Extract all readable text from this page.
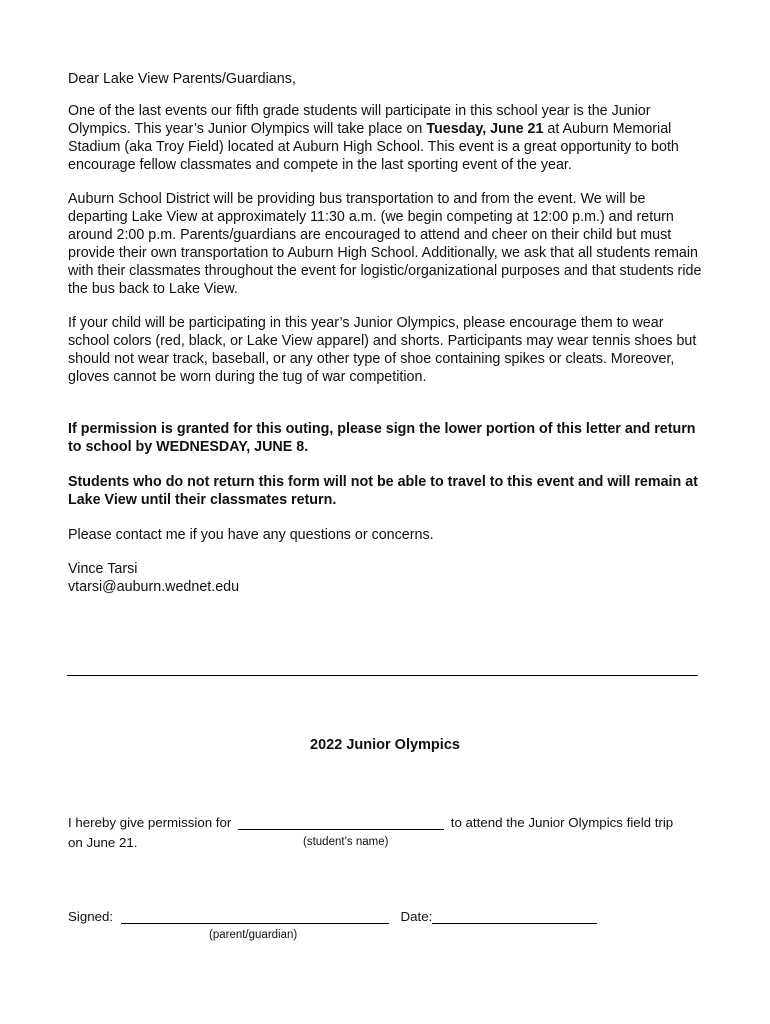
Dear Lake View Parents/Guardians,

One of the last events our fifth grade students will participate in this school year is the Junior Olympics. This year’s Junior Olympics will take place on Tuesday, June 21 at Auburn Memorial Stadium (aka Troy Field) located at Auburn High School. This event is a great opportunity to both encourage fellow classmates and compete in the last sporting event of the year.

Auburn School District will be providing bus transportation to and from the event. We will be departing Lake View at approximately 11:30 a.m. (we begin competing at 12:00 p.m.) and return around 2:00 p.m. Parents/guardians are encouraged to attend and cheer on their child but must provide their own transportation to Auburn High School. Additionally, we ask that all students remain with their classmates throughout the event for logistic/organizational purposes and that students ride the bus back to Lake View.

If your child will be participating in this year’s Junior Olympics, please encourage them to wear school colors (red, black, or Lake View apparel) and shorts. Participants may wear tennis shoes but should not wear track, baseball, or any other type of shoe containing spikes or cleats. Moreover, gloves cannot be worn during the tug of war competition.

If permission is granted for this outing, please sign the lower portion of this letter and return to school by WEDNESDAY, JUNE 8.

Students who do not return this form will not be able to travel to this event and will remain at Lake View until their classmates return.

Please contact me if you have any questions or concerns.

Vince Tarsi

vtarsi@auburn.wednet.edu

2022 Junior Olympics
I hereby give permission for	to attend the Junior Olympics field trip
on June 21.	(student’s name)
Signed:	Date:
(parent/guardian)
